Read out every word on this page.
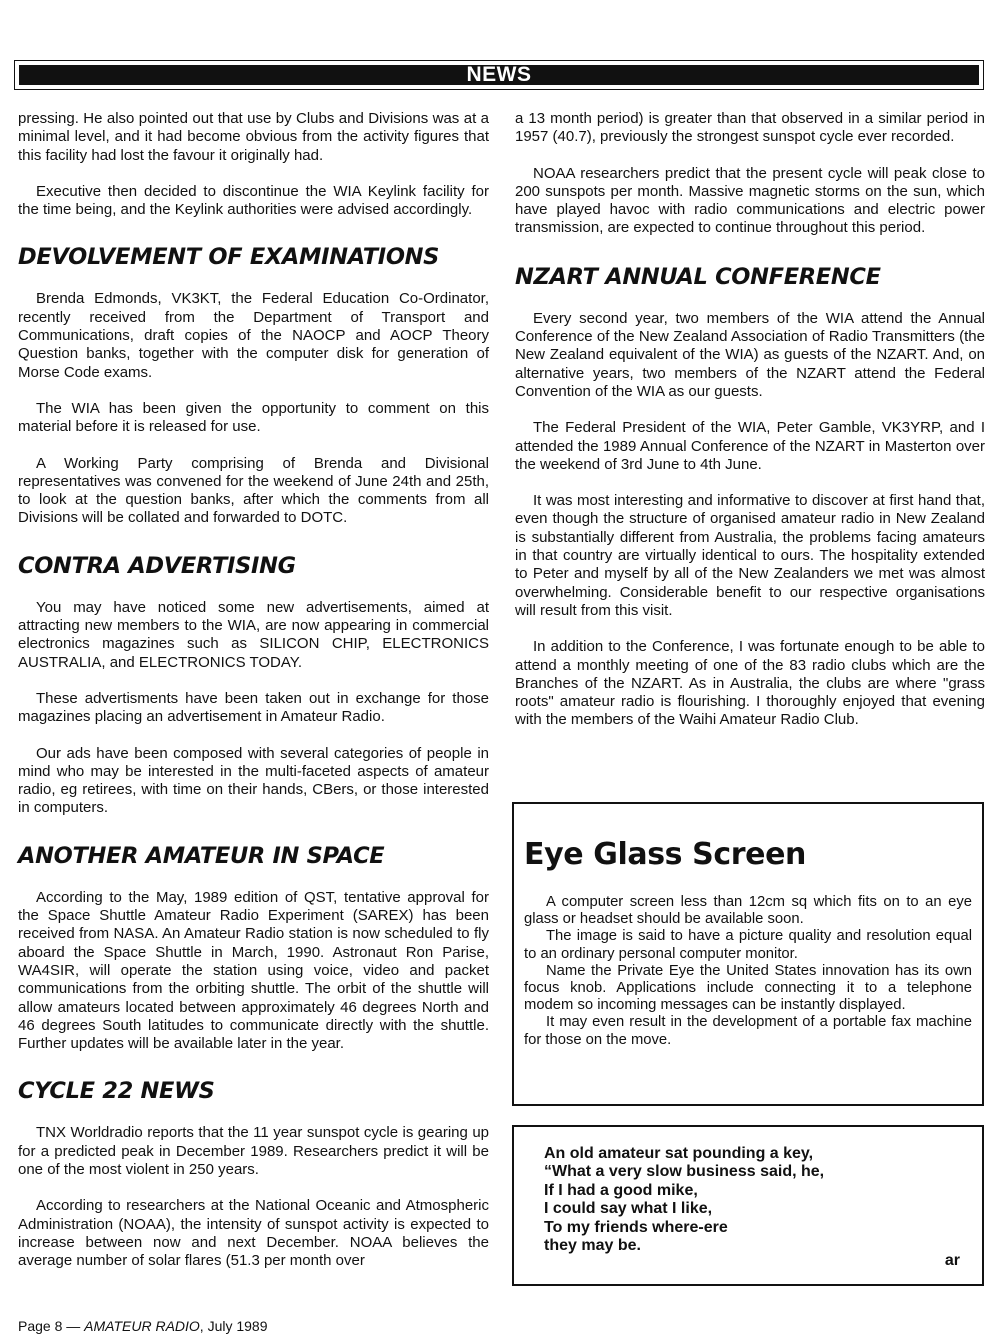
NEWS

pressing. He also pointed out that use by Clubs and Divisions was at a minimal level, and it had become obvious from the activity figures that this facility had lost the favour it originally had.

Executive then decided to discontinue the WIA Keylink facility for the time being, and the Keylink authorities were advised accordingly.

DEVOLVEMENT OF EXAMINATIONS

Brenda Edmonds, VK3KT, the Federal Education Co-Ordinator, recently received from the Department of Transport and Communications, draft copies of the NAOCP and AOCP Theory Question banks, together with the computer disk for generation of Morse Code exams.

The WIA has been given the opportunity to comment on this material before it is released for use.

A Working Party comprising of Brenda and Divisional representatives was convened for the weekend of June 24th and 25th, to look at the question banks, after which the comments from all Divisions will be collated and forwarded to DOTC.

CONTRA ADVERTISING

You may have noticed some new advertisements, aimed at attracting new members to the WIA, are now appearing in commercial electronics magazines such as SILICON CHIP, ELECTRONICS AUSTRALIA, and ELECTRONICS TODAY.

These advertisments have been taken out in exchange for those magazines placing an advertisement in Amateur Radio.

Our ads have been composed with several categories of people in mind who may be interested in the multi-faceted aspects of amateur radio, eg retirees, with time on their hands, CBers, or those interested in computers.

ANOTHER AMATEUR IN SPACE

According to the May, 1989 edition of QST, tentative approval for the Space Shuttle Amateur Radio Experiment (SAREX) has been received from NASA. An Amateur Radio station is now scheduled to fly aboard the Space Shuttle in March, 1990. Astronaut Ron Parise, WA4SIR, will operate the station using voice, video and packet communications from the orbiting shuttle. The orbit of the shuttle will allow amateurs located between approximately 46 degrees North and 46 degrees South latitudes to communicate directly with the shuttle. Further updates will be available later in the year.

CYCLE 22 NEWS

TNX Worldradio reports that the 11 year sunspot cycle is gearing up for a predicted peak in December 1989. Researchers predict it will be one of the most violent in 250 years.

According to researchers at the National Oceanic and Atmospheric Administration (NOAA), the intensity of sunspot activity is expected to increase between now and next December. NOAA believes the average number of solar flares (51.3 per month over

a 13 month period) is greater than that observed in a similar period in 1957 (40.7), previously the strongest sunspot cycle ever recorded.

NOAA researchers predict that the present cycle will peak close to 200 sunspots per month. Massive magnetic storms on the sun, which have played havoc with radio communications and electric power transmission, are expected to continue throughout this period.

NZART ANNUAL CONFERENCE

Every second year, two members of the WIA attend the Annual Conference of the New Zealand Association of Radio Transmitters (the New Zealand equivalent of the WIA) as guests of the NZART. And, on alternative years, two members of the NZART attend the Federal Convention of the WIA as our guests.

The Federal President of the WIA, Peter Gamble, VK3YRP, and I attended the 1989 Annual Conference of the NZART in Masterton over the weekend of 3rd June to 4th June.

It was most interesting and informative to discover at first hand that, even though the structure of organised amateur radio in New Zealand is substantially different from Australia, the problems facing amateurs in that country are virtually identical to ours. The hospitality extended to Peter and myself by all of the New Zealanders we met was almost overwhelming. Considerable benefit to our respective organisations will result from this visit.

In addition to the Conference, I was fortunate enough to be able to attend a monthly meeting of one of the 83 radio clubs which are the Branches of the NZART. As in Australia, the clubs are where "grass roots" amateur radio is flourishing. I thoroughly enjoyed that evening with the members of the Waihi Amateur Radio Club.

Eye Glass Screen

A computer screen less than 12cm sq which fits on to an eye glass or headset should be available soon.

The image is said to have a picture quality and resolution equal to an ordinary personal computer monitor.

Name the Private Eye the United States innovation has its own focus knob. Applications include connecting it to a telephone modem so incoming messages can be instantly displayed.

It may even result in the development of a portable fax machine for those on the move.

An old amateur sat pounding a key,
“What a very slow business said, he,
If I had a good mike,
I could say what I like,
To my friends where-ere
they may be.
ar
Page 8 — AMATEUR RADIO, July 1989
